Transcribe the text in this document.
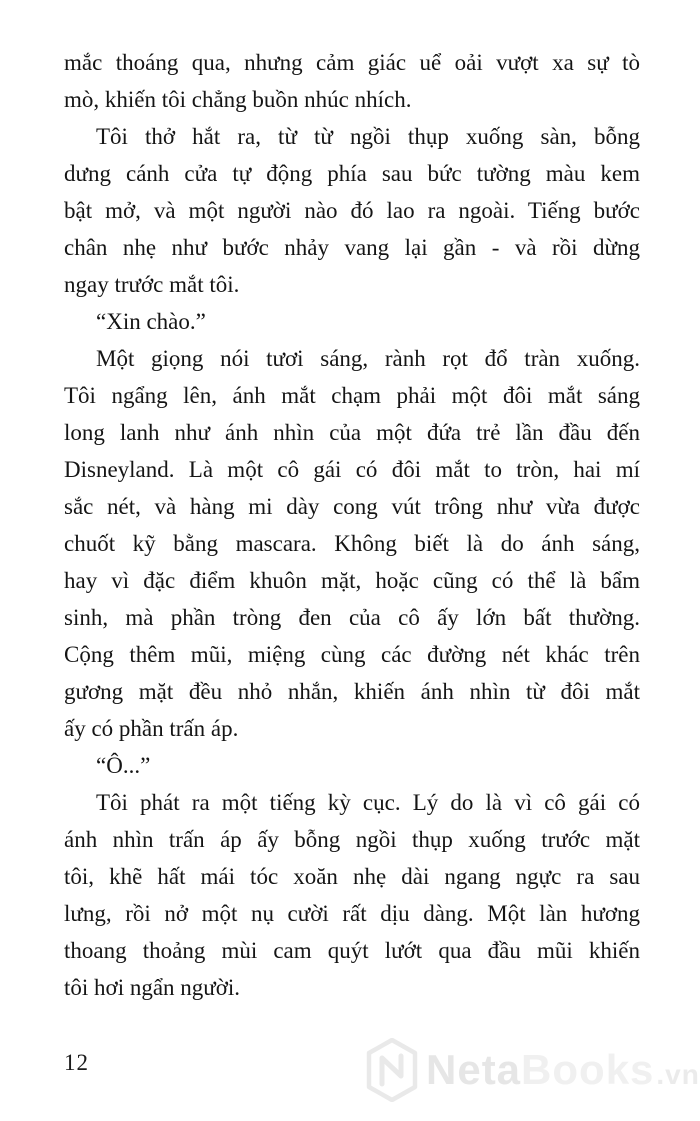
mắc thoáng qua, nhưng cảm giác uể oải vượt xa sự tò
mò, khiến tôi chẳng buồn nhúc nhích.
Tôi thở hắt ra, từ từ ngồi thụp xuống sàn, bỗng
dưng cánh cửa tự động phía sau bức tường màu kem
bật mở, và một người nào đó lao ra ngoài. Tiếng bước
chân nhẹ như bước nhảy vang lại gần - và rồi dừng
ngay trước mắt tôi.
“Xin chào.”
Một giọng nói tươi sáng, rành rọt đổ tràn xuống.
Tôi ngẩng lên, ánh mắt chạm phải một đôi mắt sáng
long lanh như ánh nhìn của một đứa trẻ lần đầu đến
Disneyland. Là một cô gái có đôi mắt to tròn, hai mí
sắc nét, và hàng mi dày cong vút trông như vừa được
chuốt kỹ bằng mascara. Không biết là do ánh sáng,
hay vì đặc điểm khuôn mặt, hoặc cũng có thể là bẩm
sinh, mà phần tròng đen của cô ấy lớn bất thường.
Cộng thêm mũi, miệng cùng các đường nét khác trên
gương mặt đều nhỏ nhắn, khiến ánh nhìn từ đôi mắt
ấy có phần trấn áp.
“Ô...”
Tôi phát ra một tiếng kỳ cục. Lý do là vì cô gái có
ánh nhìn trấn áp ấy bỗng ngồi thụp xuống trước mặt
tôi, khẽ hất mái tóc xoăn nhẹ dài ngang ngực ra sau
lưng, rồi nở một nụ cười rất dịu dàng. Một làn hương
thoang thoảng mùi cam quýt lướt qua đầu mũi khiến
tôi hơi ngẩn người.
12	Neta Books .vn
